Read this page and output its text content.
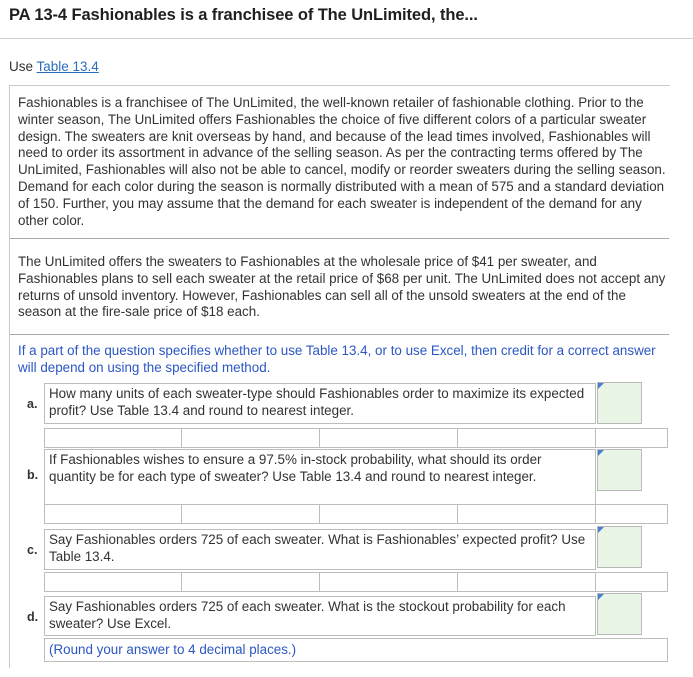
PA 13-4 Fashionables is a franchisee of The UnLimited, the...
Use Table 13.4
Fashionables is a franchisee of The UnLimited, the well-known retailer of fashionable clothing. Prior to the winter season, The UnLimited offers Fashionables the choice of five different colors of a particular sweater design. The sweaters are knit overseas by hand, and because of the lead times involved, Fashionables will need to order its assortment in advance of the selling season. As per the contracting terms offered by The UnLimited, Fashionables will also not be able to cancel, modify or reorder sweaters during the selling season. Demand for each color during the season is normally distributed with a mean of 575 and a standard deviation of 150. Further, you may assume that the demand for each sweater is independent of the demand for any other color.
The UnLimited offers the sweaters to Fashionables at the wholesale price of $41 per sweater, and Fashionables plans to sell each sweater at the retail price of $68 per unit. The UnLimited does not accept any returns of unsold inventory. However, Fashionables can sell all of the unsold sweaters at the end of the season at the fire-sale price of $18 each.
If a part of the question specifies whether to use Table 13.4, or to use Excel, then credit for a correct answer will depend on using the specified method.
a.
How many units of each sweater-type should Fashionables order to maximize its expected profit? Use Table 13.4 and round to nearest integer.
b.
If Fashionables wishes to ensure a 97.5% in-stock probability, what should its order quantity be for each type of sweater? Use Table 13.4 and round to nearest integer.
c.
Say Fashionables orders 725 of each sweater. What is Fashionables’ expected profit? Use Table 13.4.
d.
Say Fashionables orders 725 of each sweater. What is the stockout probability for each sweater? Use Excel.
(Round your answer to 4 decimal places.)
